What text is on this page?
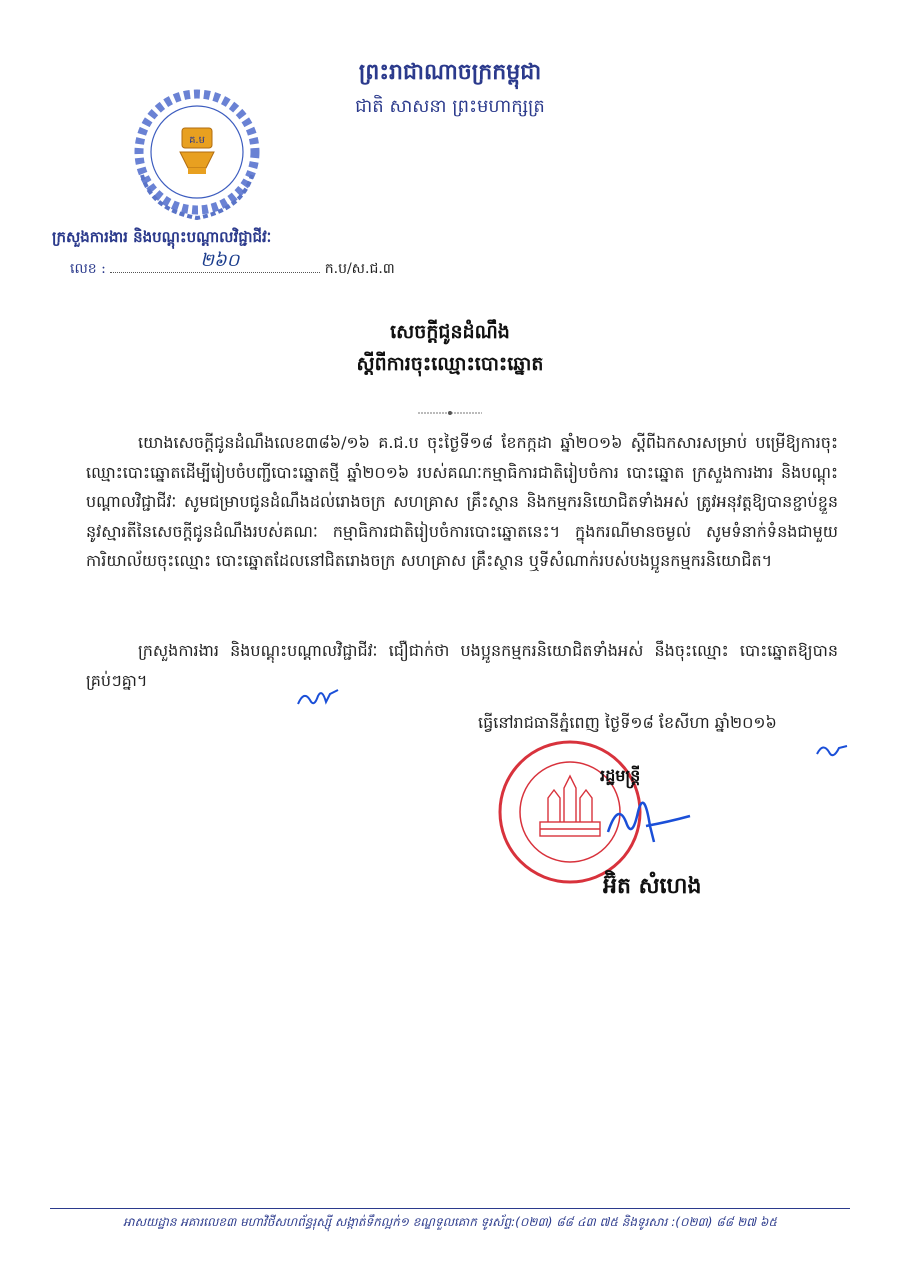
ព្រះរាជាណាចក្រកម្ពុជា
ជាតិ សាសនា ព្រះមហាក្សត្រ
គ.ម
ក្រសួងការងារ និងបណ្តុះបណ្តាលវិជ្ជាជីវៈ Ministry of Labour and Vocational Training
ក្រសួងការងារ និងបណ្តុះបណ្តាលវិជ្ជាជីវៈ
លេខ :	២៦០	ក.ប/ស.ជ.៣
សេចក្តីជូនដំណឹង
ស្តីពីការចុះឈ្មោះបោះឆ្នោត
យោងសេចក្តីជូនដំណឹងលេខ៣៨៦/១៦ គ.ជ.ប ចុះថ្ងៃទី១៨ ខែកក្កដា ឆ្នាំ២០១៦ ស្តីពីឯកសារសម្រាប់ បម្រើឱ្យការចុះឈ្មោះបោះឆ្នោតដើម្បីរៀបចំបញ្ជីបោះឆ្នោតថ្មី ឆ្នាំ២០១៦ របស់គណៈកម្មាធិការជាតិរៀបចំការ បោះឆ្នោត ក្រសួងការងារ និងបណ្តុះបណ្តាលវិជ្ជាជីវៈ សូមជម្រាបជូនដំណឹងដល់រោងចក្រ សហគ្រាស គ្រឹះស្ថាន និងកម្មករនិយោជិតទាំងអស់ ត្រូវអនុវត្តឱ្យបានខ្ជាប់ខ្ជួននូវស្មារតីនៃសេចក្តីជូនដំណឹងរបស់គណៈ កម្មាធិការជាតិរៀបចំការបោះឆ្នោតនេះ។ ក្នុងករណីមានចម្ងល់ សូមទំនាក់ទំនងជាមួយការិយាល័យចុះឈ្មោះ បោះឆ្នោតដែលនៅជិតរោងចក្រ សហគ្រាស គ្រឹះស្ថាន ឬទីសំណាក់របស់បងប្អូនកម្មករនិយោជិត។
ក្រសួងការងារ និងបណ្តុះបណ្តាលវិជ្ជាជីវៈ ជឿជាក់ថា បងប្អូនកម្មករនិយោជិតទាំងអស់ នឹងចុះឈ្មោះ បោះឆ្នោតឱ្យបានគ្រប់ៗគ្នា។
ធ្វើនៅរាជធានីភ្នំពេញ ថ្ងៃទី១៨ ខែសីហា ឆ្នាំ២០១៦
ព្រះរាជាណាចក្រកម្ពុជា * ក្រសួងការងារនិងបណ្តុះបណ្តាលវិជ្ជាជីវៈ *
រដ្ឋមន្ត្រី
អ៊ិត សំហេង
អាសយដ្ឋាន អគារលេខ៣ មហាវិថីសហព័ន្ធរុស្ស៊ី សង្កាត់ទឹកល្អក់១ ខណ្ឌទួលគោក ទូរស័ព្ទ:(០២៣) ៨៨ ៤៣ ៧៥ និងទូរសារ :(០២៣) ៨៨ ២៧ ៦៥
